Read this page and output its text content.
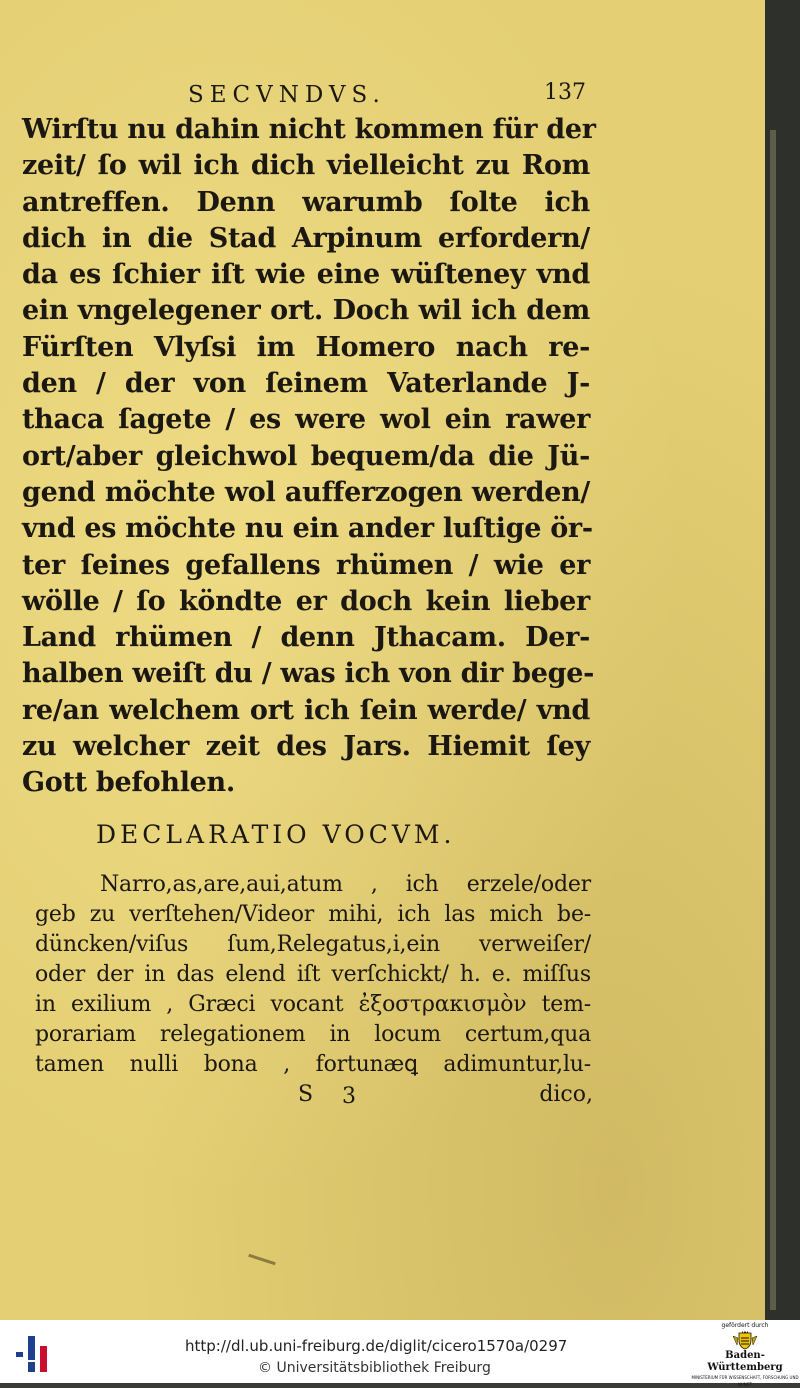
SECVNDVS.	137
Wirſtu nu dahin nicht kommen für der
zeit/ ſo wil ich dich vielleicht zu Rom
antreffen. Denn warumb ſolte ich
dich in die Stad Arpinum erfordern/
da es ſchier iſt wie eine wüſteney vnd
ein vngelegener ort. Doch wil ich dem
Fürſten Vlyſsi im Homero nach re-
den / der von ſeinem Vaterlande J-
thaca ſagete / es were wol ein rawer
ort/aber gleichwol bequem/da die Jü-
gend möchte wol aufferzogen werden/
vnd es möchte nu ein ander luſtige ör-
ter ſeines gefallens rhümen / wie er
wölle / ſo köndte er doch kein lieber
Land rhümen / denn Jthacam. Der-
halben weiſt du / was ich von dir bege-
re/an welchem ort ich ſein werde/ vnd
zu welcher zeit des Jars. Hiemit ſey
Gott befohlen.
DECLARATIO VOCVM.
Narro,as,are,aui,atum , ich erzele/oder
geb zu verſtehen/Videor mihi, ich las mich be-
düncken/viſus ſum,Relegatus,i,ein verweiſer/
oder der in das elend iſt verſchickt/ h. e. miſſus
in exilium , Græci vocant ἐξοστρακισμὸν tem-
porariam relegationem in locum certum,qua
tamen nulli bona , fortunæꝗ adimuntur,lu-
S 3	dico,
http://dl.ub.uni-freiburg.de/diglit/cicero1570a/0297
© Universitätsbibliothek Freiburg
gefördert durch
Baden-Württemberg
MINISTERIUM FÜR WISSENSCHAFT, FORSCHUNG UND KUNST
